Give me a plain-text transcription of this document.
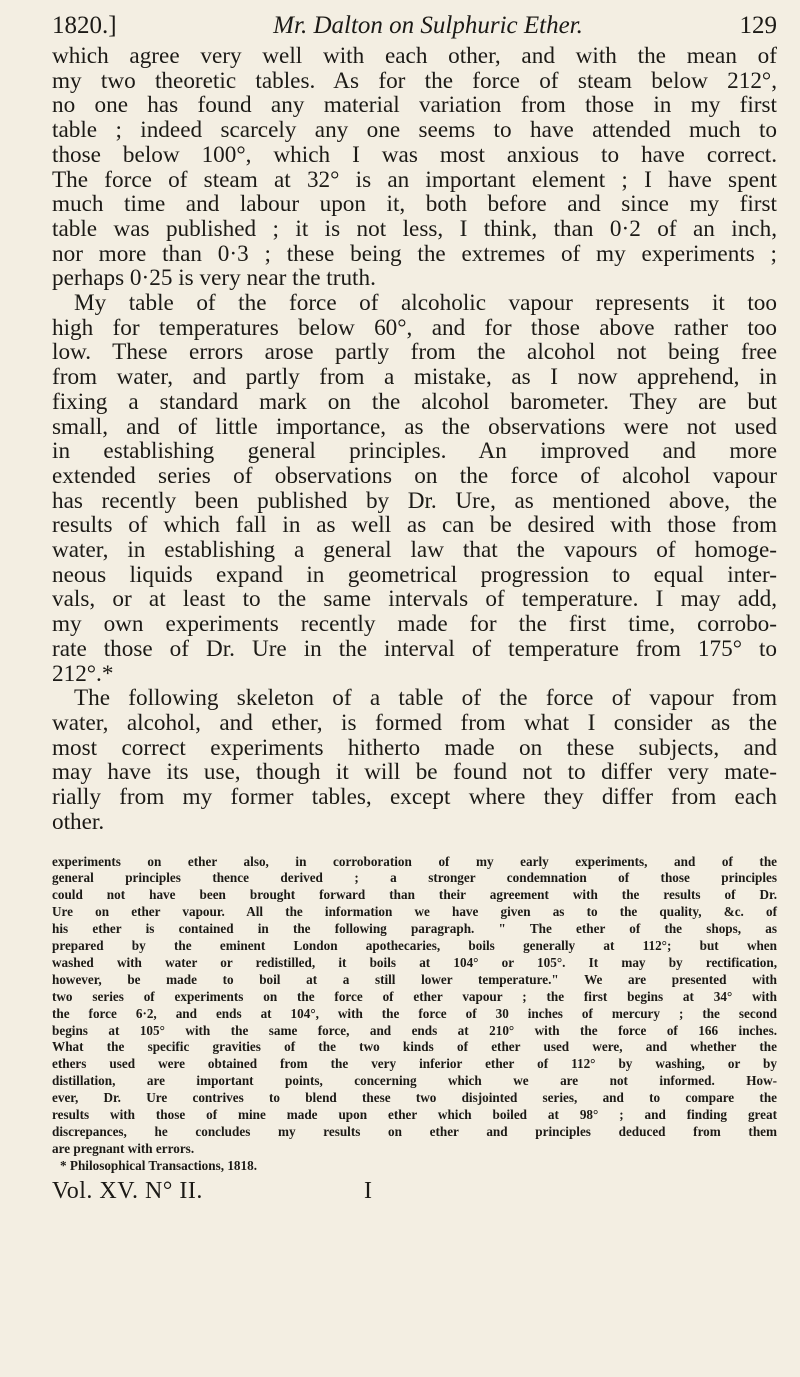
1820.]	Mr. Dalton on Sulphuric Ether.	129
which agree very well with each other, and with the mean of
my two theoretic tables. As for the force of steam below 212°,
no one has found any material variation from those in my first
table ; indeed scarcely any one seems to have attended much to
those below 100°, which I was most anxious to have correct.
The force of steam at 32° is an important element ; I have spent
much time and labour upon it, both before and since my first
table was published ; it is not less, I think, than 0·2 of an inch,
nor more than 0·3 ; these being the extremes of my experiments ;
perhaps 0·25 is very near the truth.
My table of the force of alcoholic vapour represents it too
high for temperatures below 60°, and for those above rather too
low. These errors arose partly from the alcohol not being free
from water, and partly from a mistake, as I now apprehend, in
fixing a standard mark on the alcohol barometer. They are but
small, and of little importance, as the observations were not used
in establishing general principles. An improved and more
extended series of observations on the force of alcohol vapour
has recently been published by Dr. Ure, as mentioned above, the
results of which fall in as well as can be desired with those from
water, in establishing a general law that the vapours of homoge-
neous liquids expand in geometrical progression to equal inter-
vals, or at least to the same intervals of temperature. I may add,
my own experiments recently made for the first time, corrobo-
rate those of Dr. Ure in the interval of temperature from 175° to
212°.*
The following skeleton of a table of the force of vapour from
water, alcohol, and ether, is formed from what I consider as the
most correct experiments hitherto made on these subjects, and
may have its use, though it will be found not to differ very mate-
rially from my former tables, except where they differ from each
other.
experiments on ether also, in corroboration of my early experiments, and of the
general principles thence derived ; a stronger condemnation of those principles
could not have been brought forward than their agreement with the results of Dr.
Ure on ether vapour. All the information we have given as to the quality, &c. of
his ether is contained in the following paragraph. " The ether of the shops, as
prepared by the eminent London apothecaries, boils generally at 112°; but when
washed with water or redistilled, it boils at 104° or 105°. It may by rectification,
however, be made to boil at a still lower temperature." We are presented with
two series of experiments on the force of ether vapour ; the first begins at 34° with
the force 6·2, and ends at 104°, with the force of 30 inches of mercury ; the second
begins at 105° with the same force, and ends at 210° with the force of 166 inches.
What the specific gravities of the two kinds of ether used were, and whether the
ethers used were obtained from the very inferior ether of 112° by washing, or by
distillation, are important points, concerning which we are not informed. How-
ever, Dr. Ure contrives to blend these two disjointed series, and to compare the
results with those of mine made upon ether which boiled at 98° ; and finding great
discrepances, he concludes my results on ether and principles deduced from them
are pregnant with errors.
* Philosophical Transactions, 1818.
Vol. XV. N° II.	I
